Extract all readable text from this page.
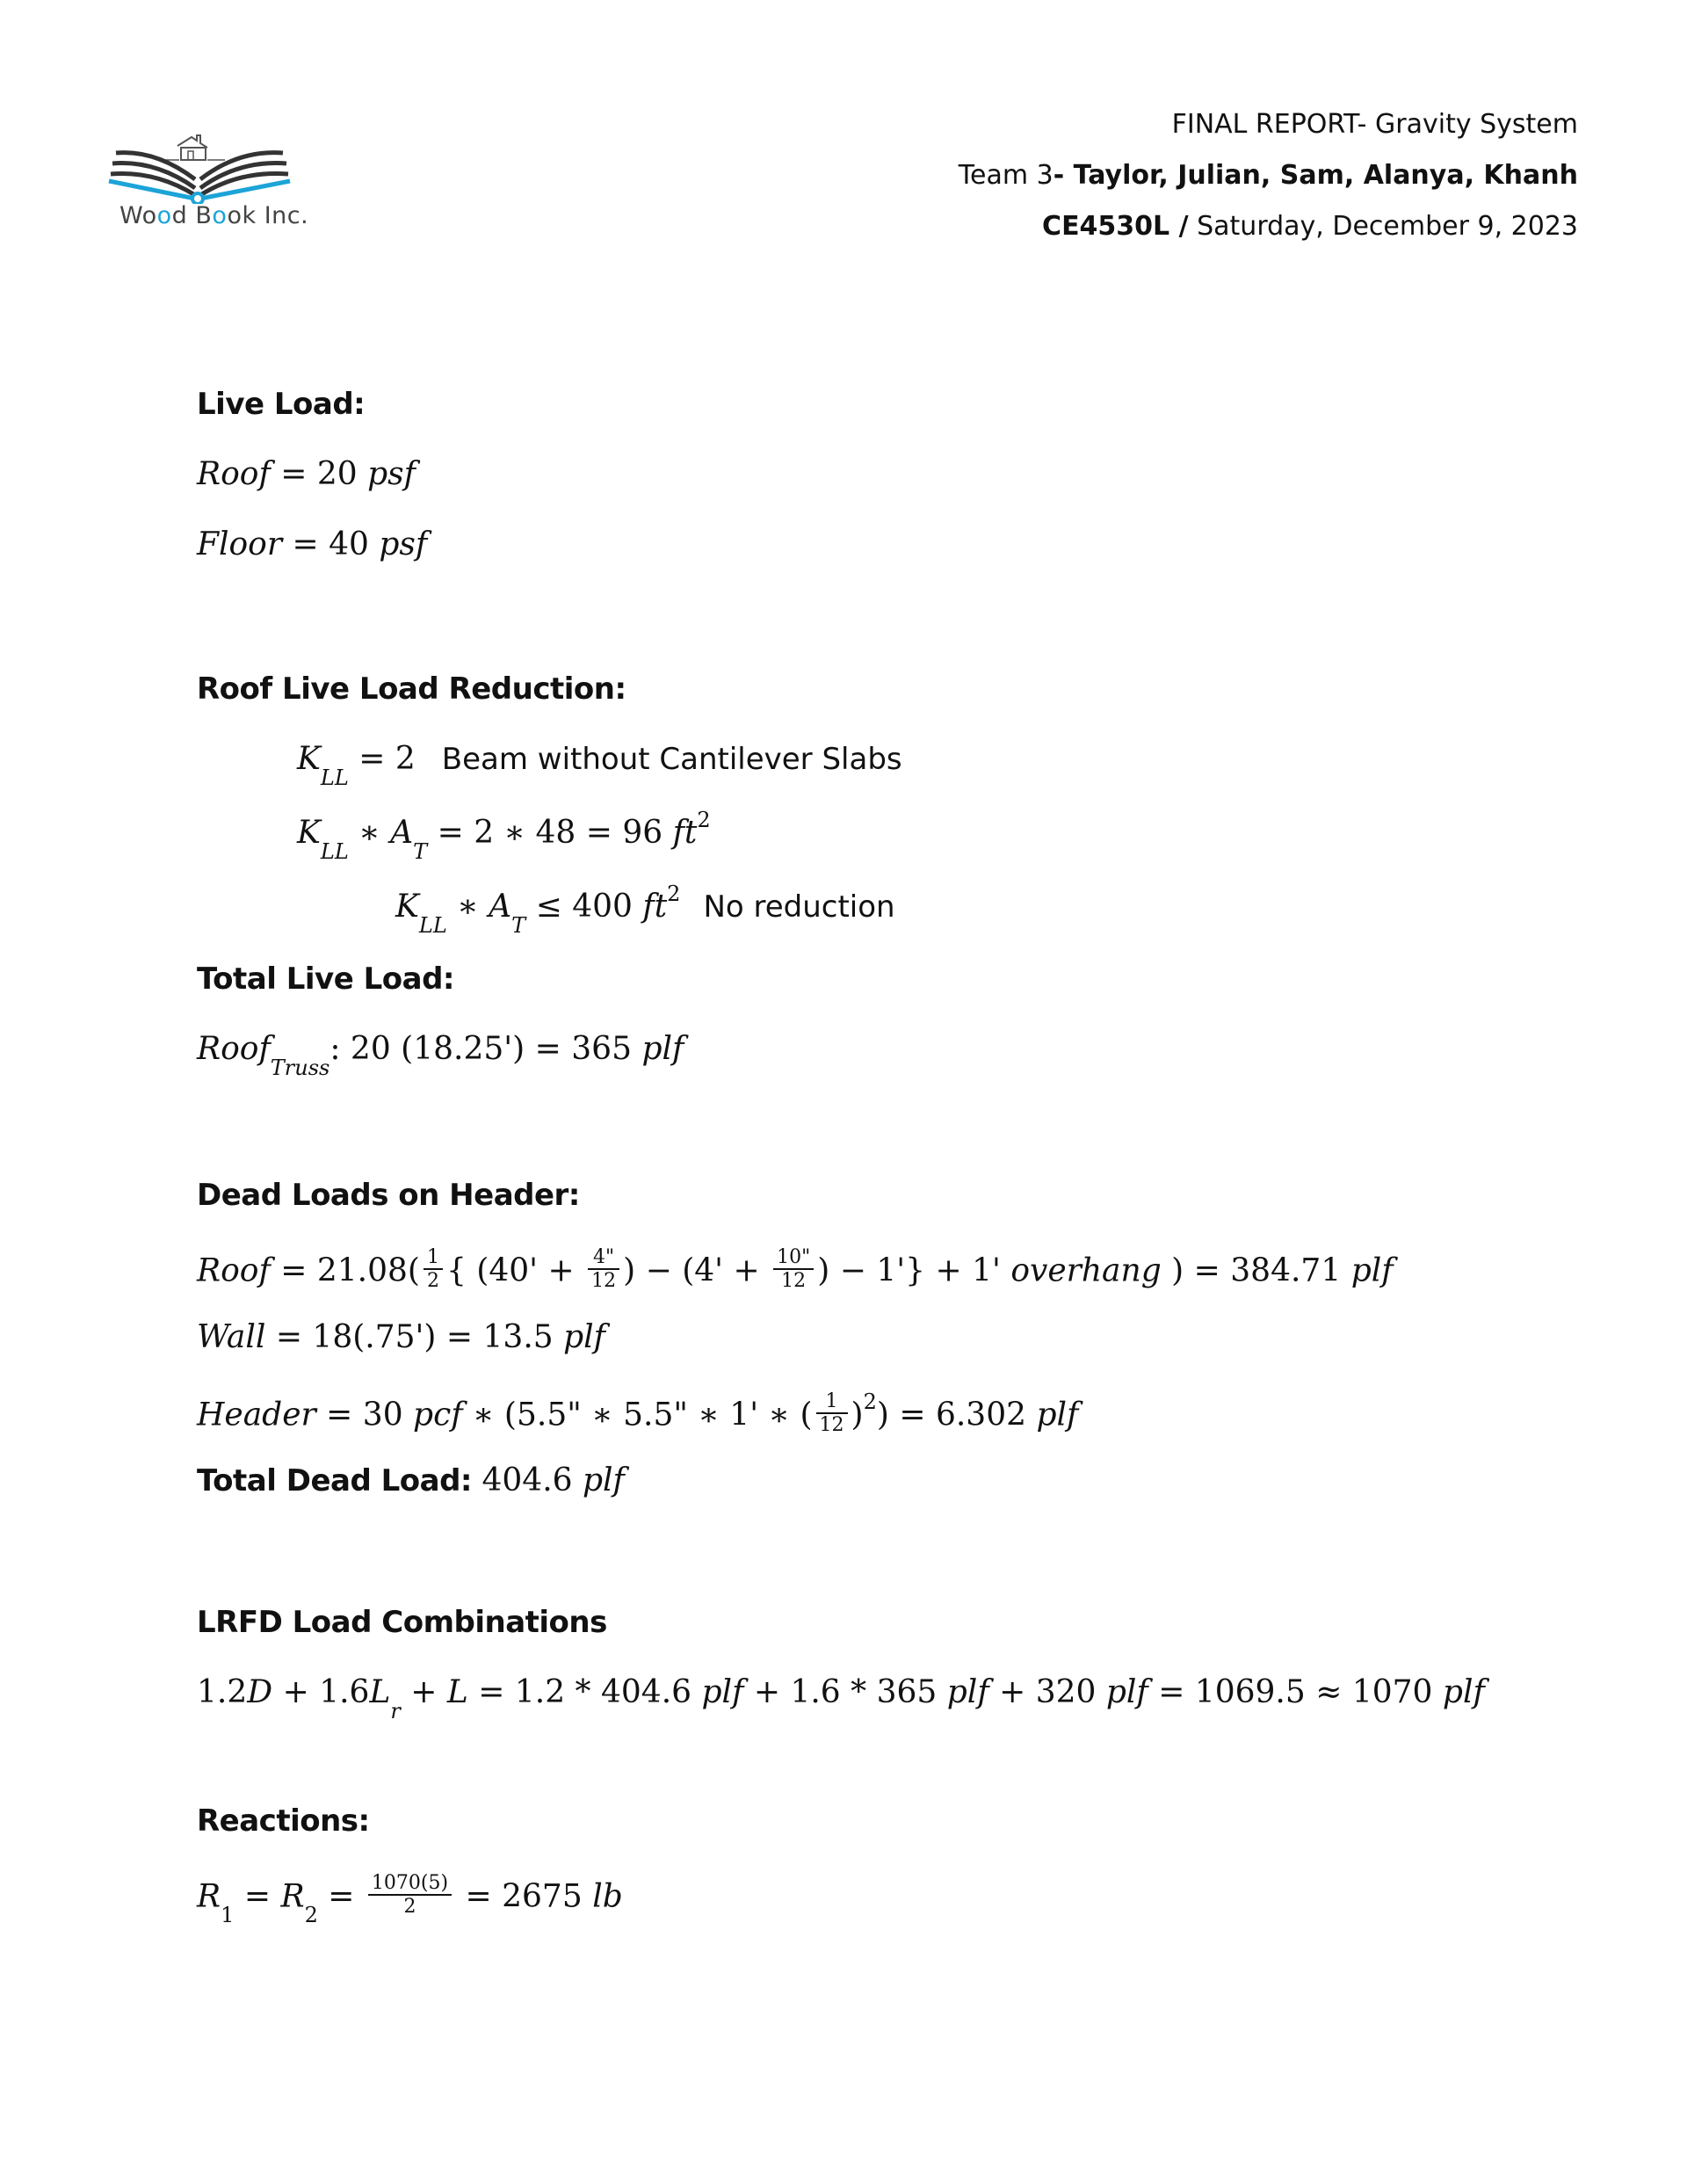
Wood Book Inc.
FINAL REPORT- Gravity System
Team 3- Taylor, Julian, Sam, Alanya, Khanh
CE4530L / Saturday, December 9, 2023
Live Load:
Roof = 20 psf
Floor = 40 psf
Roof Live Load Reduction:
$K_{LL} = 2$ Beam without Cantilever Slabs
$K_{LL}$ ∗ $A_T = 2$ ∗ 48 = 96 $ft^2$
$K_{LL}$ ∗ $A_T \le 400$ $ft^2$ No reduction
Total Live Load:
Roof$_{Truss}$: 20 (18.25') = 365 plf
Dead Loads on Header:
Roof = $21.08( \frac{1}{2}$ { ($40' + \frac{4"}{12}$ ) − ($4' + \frac{10"}{12}$ ) − 1'} + 1' overhang ) = 384.71 plf
Wall = 18(.75') = 13.5 plf
Header = 30 pcf ∗ (5.5" ∗ 5.5" ∗ 1' ∗ ( $\frac{1}{12} )^2) = 6.302$ plf
Total Dead Load: 404.6 plf
LRFD Load Combinations
$1.2D + 1.6L_r + L = 1.2 * 404.6$ plf + 1.6 * 365 plf + 320 plf = 1069.5 ≈ 1070 plf
Reactions:
$R_1 = R_2 = \frac{1070(5)}{2} = 2675$ lb
